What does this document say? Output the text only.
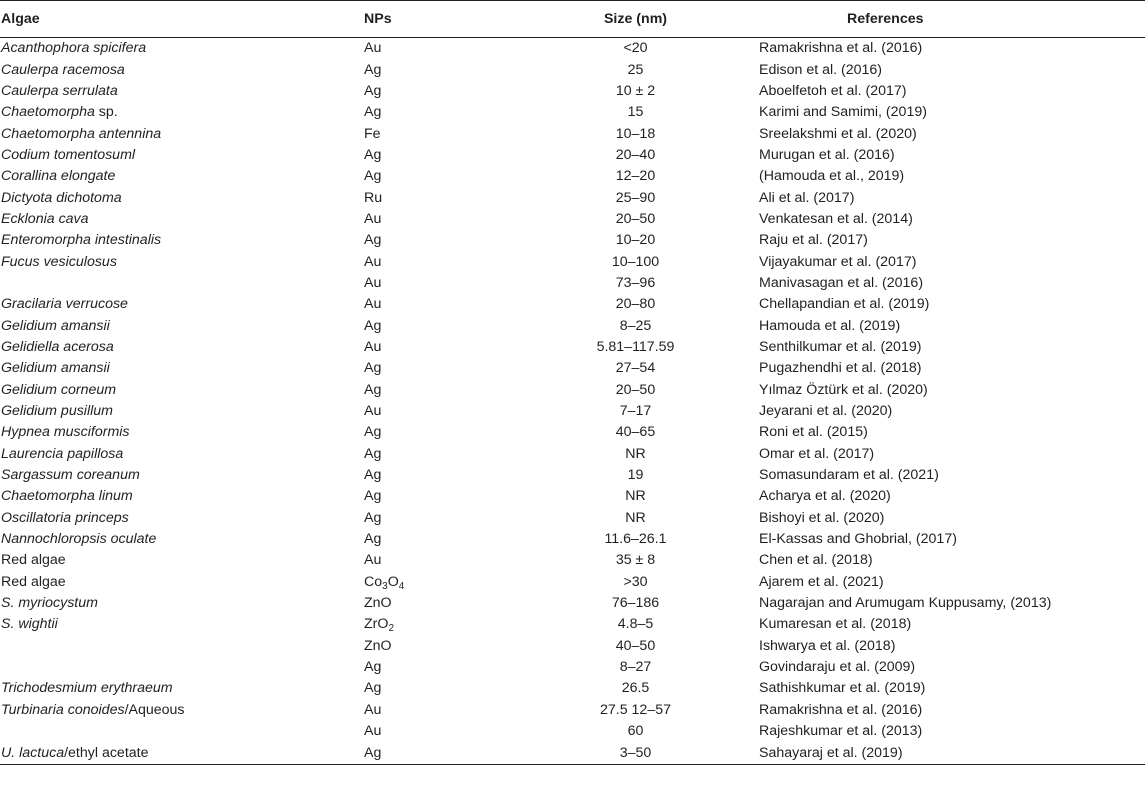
Algae	NPs	Size (nm)	References
Acanthophora spicifera	Au	<20	Ramakrishna et al. (2016)
Caulerpa racemosa	Ag	25	Edison et al. (2016)
Caulerpa serrulata	Ag	10 ± 2	Aboelfetoh et al. (2017)
Chaetomorpha sp.	Ag	15	Karimi and Samimi, (2019)
Chaetomorpha antennina	Fe	10–18	Sreelakshmi et al. (2020)
Codium tomentosuml	Ag	20–40	Murugan et al. (2016)
Corallina elongate	Ag	12–20	(Hamouda et al., 2019)
Dictyota dichotoma	Ru	25–90	Ali et al. (2017)
Ecklonia cava	Au	20–50	Venkatesan et al. (2014)
Enteromorpha intestinalis	Ag	10–20	Raju et al. (2017)
Fucus vesiculosus	Au	10–100	Vijayakumar et al. (2017)
	Au	73–96	Manivasagan et al. (2016)
Gracilaria verrucose	Au	20–80	Chellapandian et al. (2019)
Gelidium amansii	Ag	8–25	Hamouda et al. (2019)
Gelidiella acerosa	Au	5.81–117.59	Senthilkumar et al. (2019)
Gelidium amansii	Ag	27–54	Pugazhendhi et al. (2018)
Gelidium corneum	Ag	20–50	Yılmaz Öztürk et al. (2020)
Gelidium pusillum	Au	7–17	Jeyarani et al. (2020)
Hypnea musciformis	Ag	40–65	Roni et al. (2015)
Laurencia papillosa	Ag	NR	Omar et al. (2017)
Sargassum coreanum	Ag	19	Somasundaram et al. (2021)
Chaetomorpha linum	Ag	NR	Acharya et al. (2020)
Oscillatoria princeps	Ag	NR	Bishoyi et al. (2020)
Nannochloropsis oculate	Ag	11.6–26.1	El-Kassas and Ghobrial, (2017)
Red algae	Au	35 ± 8	Chen et al. (2018)
Red algae	$Co_3O_4$	>30	Ajarem et al. (2021)
S. myriocystum	ZnO	76–186	Nagarajan and Arumugam Kuppusamy, (2013)
S. wightii	ZrO$_2$	4.8–5	Kumaresan et al. (2018)
	ZnO	40–50	Ishwarya et al. (2018)
	Ag	8–27	Govindaraju et al. (2009)
Trichodesmium erythraeum	Ag	26.5	Sathishkumar et al. (2019)
Turbinaria conoides/Aqueous	Au	27.5 12–57	Ramakrishna et al. (2016)
	Au	60	Rajeshkumar et al. (2013)
U. lactuca/ethyl acetate	Ag	3–50	Sahayaraj et al. (2019)
